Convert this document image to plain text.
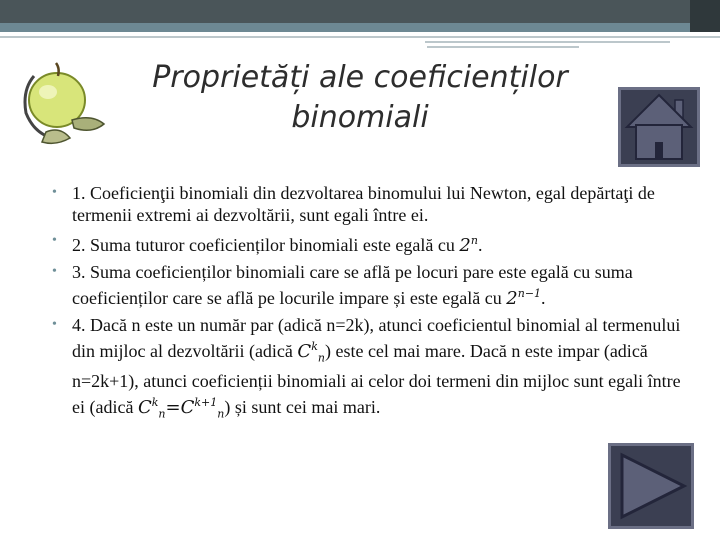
Proprietăți ale coeficienților
binomiali
• 1. Coeficienţii binomiali din dezvoltarea binomului lui Newton, egal depărtaţi de termenii extremi ai dezvoltării, sunt egali între ei.
• 2. Suma tuturor coeficienților binomiali este egală cu 2$^n$.
• 3. Suma coeficienților binomiali care se află pe locuri pare este egală cu suma coeficienților care se află pe locurile impare și este egală cu $2^{n-1}$.
• 4. Dacă n este un număr par (adică n=2k), atunci coeficientul binomial al termenului din mijloc al dezvoltării (adică $C^k_n$) este cel mai mare. Dacă n este impar (adică n=2k+1), atunci coeficienții binomiali ai celor doi termeni din mijloc sunt egali între ei (adică $C^k_n=C^{k+1}_n$) și sunt cei mai mari.
